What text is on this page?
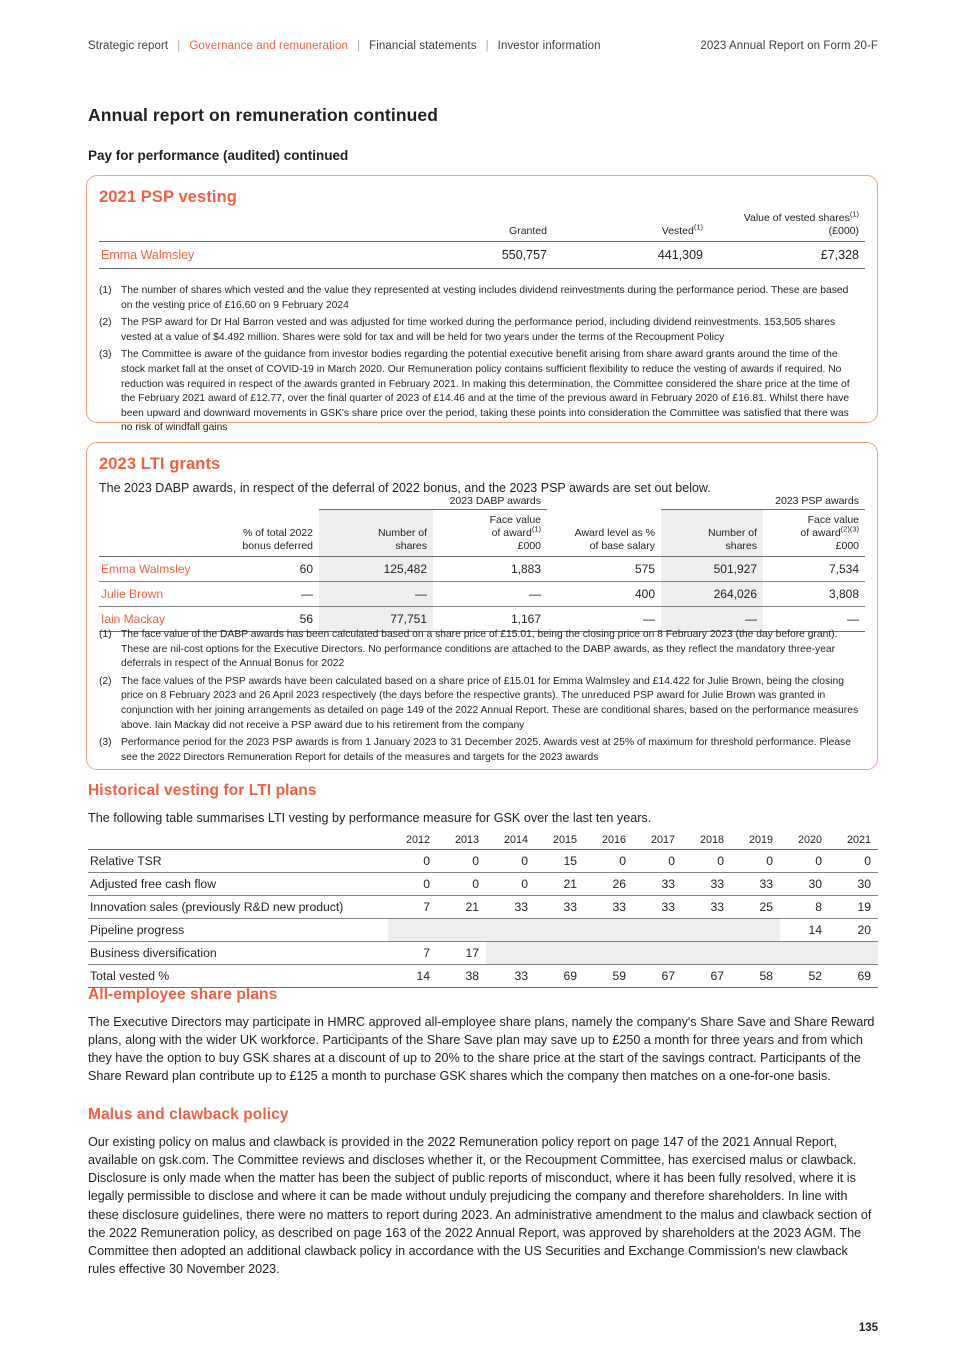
Strategic report | Governance and remuneration | Financial statements | Investor information	2023 Annual Report on Form 20-F
Annual report on remuneration continued
Pay for performance (audited) continued
2021 PSP vesting
	Granted	Vested$^{(1)}$	Value of vested shares$^{(1)}$
(£000)
Emma Walmsley	550,757	441,309	£7,328
(1) The number of shares which vested and the value they represented at vesting includes dividend reinvestments during the performance period. These are based on the vesting price of £16.60 on 9 February 2024
(2) The PSP award for Dr Hal Barron vested and was adjusted for time worked during the performance period, including dividend reinvestments. 153,505 shares vested at a value of $4.492 million. Shares were sold for tax and will be held for two years under the terms of the Recoupment Policy
(3) The Committee is aware of the guidance from investor bodies regarding the potential executive benefit arising from share award grants around the time of the stock market fall at the onset of COVID-19 in March 2020. Our Remuneration policy contains sufficient flexibility to reduce the vesting of awards if required. No reduction was required in respect of the awards granted in February 2021. In making this determination, the Committee considered the share price at the time of the February 2021 award of £12.77, over the final quarter of 2023 of £14.46 and at the time of the previous award in February 2020 of £16.81. Whilst there have been upward and downward movements in GSK's share price over the period, taking these points into consideration the Committee was satisfied that there was no risk of windfall gains
2023 LTI grants
The 2023 DABP awards, in respect of the deferral of 2022 bonus, and the 2023 PSP awards are set out below.
		2023 DABP awards			2023 PSP awards	
	% of total 2022
bonus deferred	Number of
shares	Face value
of award$^{(1)}$
£000	Award level as %
of base salary	Number of
shares	Face value
of award$^{(2)(3)}$
£000
Emma Walmsley	60	125,482	1,883	575	501,927	7,534
Julie Brown	—	—	—	400	264,026	3,808
Iain Mackay	56	77,751	1,167	—	—	—
(1) The face value of the DABP awards has been calculated based on a share price of £15.01, being the closing price on 8 February 2023 (the day before grant). These are nil-cost options for the Executive Directors. No performance conditions are attached to the DABP awards, as they reflect the mandatory three-year deferrals in respect of the Annual Bonus for 2022
(2) The face values of the PSP awards have been calculated based on a share price of £15.01 for Emma Walmsley and £14.422 for Julie Brown, being the closing price on 8 February 2023 and 26 April 2023 respectively (the days before the respective grants). The unreduced PSP award for Julie Brown was granted in conjunction with her joining arrangements as detailed on page 149 of the 2022 Annual Report. These are conditional shares, based on the performance measures above. Iain Mackay did not receive a PSP award due to his retirement from the company
(3) Performance period for the 2023 PSP awards is from 1 January 2023 to 31 December 2025. Awards vest at 25% of maximum for threshold performance. Please see the 2022 Directors Remuneration Report for details of the measures and targets for the 2023 awards
Historical vesting for LTI plans
The following table summarises LTI vesting by performance measure for GSK over the last ten years.
	2012	2013	2014	2015	2016	2017	2018	2019	2020	2021
Relative TSR	0	0	0	15	0	0	0	0	0	0
Adjusted free cash flow	0	0	0	21	26	33	33	33	30	30
Innovation sales (previously R&D new product)	7	21	33	33	33	33	33	25	8	19
Pipeline progress									14	20
Business diversification	7	17								
Total vested %	14	38	33	69	59	67	67	58	52	69
All-employee share plans
The Executive Directors may participate in HMRC approved all-employee share plans, namely the company's Share Save and Share Reward plans, along with the wider UK workforce. Participants of the Share Save plan may save up to £250 a month for three years and from which they have the option to buy GSK shares at a discount of up to 20% to the share price at the start of the savings contract. Participants of the Share Reward plan contribute up to £125 a month to purchase GSK shares which the company then matches on a one-for-one basis.
Malus and clawback policy
Our existing policy on malus and clawback is provided in the 2022 Remuneration policy report on page 147 of the 2021 Annual Report, available on gsk.com. The Committee reviews and discloses whether it, or the Recoupment Committee, has exercised malus or clawback. Disclosure is only made when the matter has been the subject of public reports of misconduct, where it has been fully resolved, where it is legally permissible to disclose and where it can be made without unduly prejudicing the company and therefore shareholders. In line with these disclosure guidelines, there were no matters to report during 2023. An administrative amendment to the malus and clawback section of the 2022 Remuneration policy, as described on page 163 of the 2022 Annual Report, was approved by shareholders at the 2023 AGM. The Committee then adopted an additional clawback policy in accordance with the US Securities and Exchange Commission's new clawback rules effective 30 November 2023.
135
